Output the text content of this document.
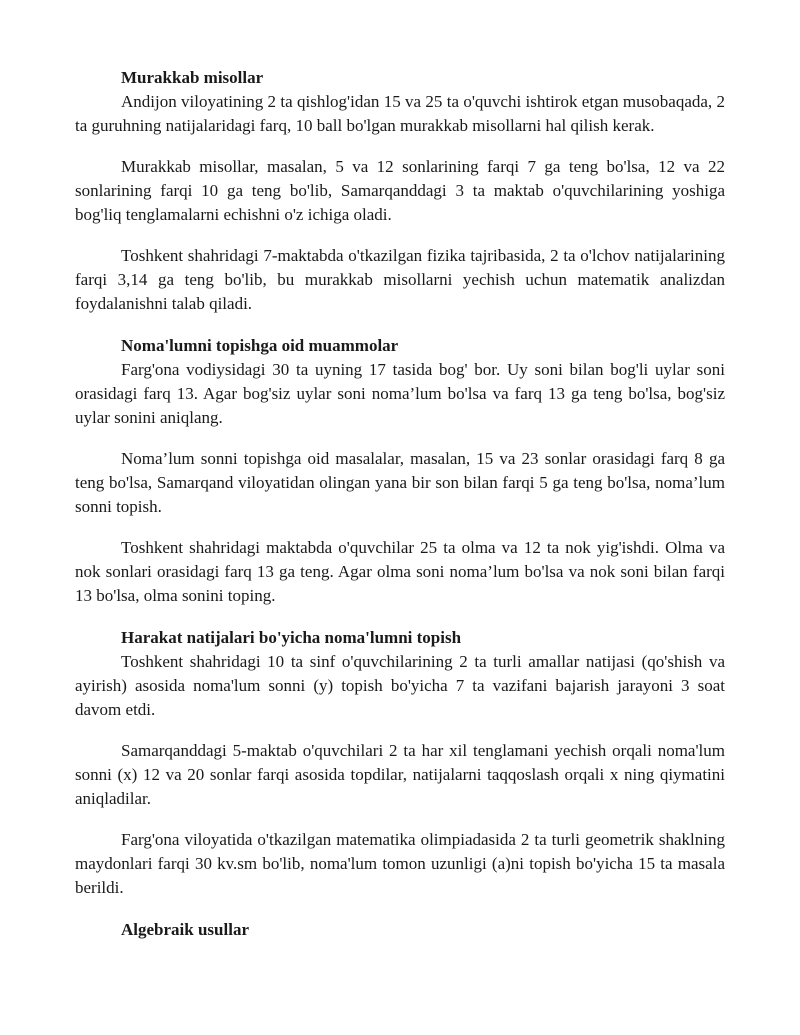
Murakkab misollar

Andijon viloyatining 2 ta qishlog'idan 15 va 25 ta o'quvchi ishtirok etgan musobaqada, 2 ta guruhning natijalaridagi farq, 10 ball bo'lgan murakkab misollarni hal qilish kerak.

Murakkab misollar, masalan, 5 va 12 sonlarining farqi 7 ga teng bo'lsa, 12 va 22 sonlarining farqi 10 ga teng bo'lib, Samarqanddagi 3 ta maktab o'quvchilarining yoshiga bog'liq tenglamalarni echishni o'z ichiga oladi.

Toshkent shahridagi 7-maktabda o'tkazilgan fizika tajribasida, 2 ta o'lchov natijalarining farqi 3,14 ga teng bo'lib, bu murakkab misollarni yechish uchun matematik analizdan foydalanishni talab qiladi.

Noma'lumni topishga oid muammolar

Farg'ona vodiysidagi 30 ta uyning 17 tasida bog' bor. Uy soni bilan bog'li uylar soni orasidagi farq 13. Agar bog'siz uylar soni noma’lum bo'lsa va farq 13 ga teng bo'lsa, bog'siz uylar sonini aniqlang.

Noma’lum sonni topishga oid masalalar, masalan, 15 va 23 sonlar orasidagi farq 8 ga teng bo'lsa, Samarqand viloyatidan olingan yana bir son bilan farqi 5 ga teng bo'lsa, noma’lum sonni topish.

Toshkent shahridagi maktabda o'quvchilar 25 ta olma va 12 ta nok yig'ishdi. Olma va nok sonlari orasidagi farq 13 ga teng. Agar olma soni noma’lum bo'lsa va nok soni bilan farqi 13 bo'lsa, olma sonini toping.

Harakat natijalari bo'yicha noma'lumni topish

Toshkent shahridagi 10 ta sinf o'quvchilarining 2 ta turli amallar natijasi (qo'shish va ayirish) asosida noma'lum sonni (y) topish bo'yicha 7 ta vazifani bajarish jarayoni 3 soat davom etdi.

Samarqanddagi 5-maktab o'quvchilari 2 ta har xil tenglamani yechish orqali noma'lum sonni (x) 12 va 20 sonlar farqi asosida topdilar, natijalarni taqqoslash orqali x ning qiymatini aniqladilar.

Farg'ona viloyatida o'tkazilgan matematika olimpiadasida 2 ta turli geometrik shaklning maydonlari farqi 30 kv.sm bo'lib, noma'lum tomon uzunligi (a)ni topish bo'yicha 15 ta masala berildi.

Algebraik usullar
